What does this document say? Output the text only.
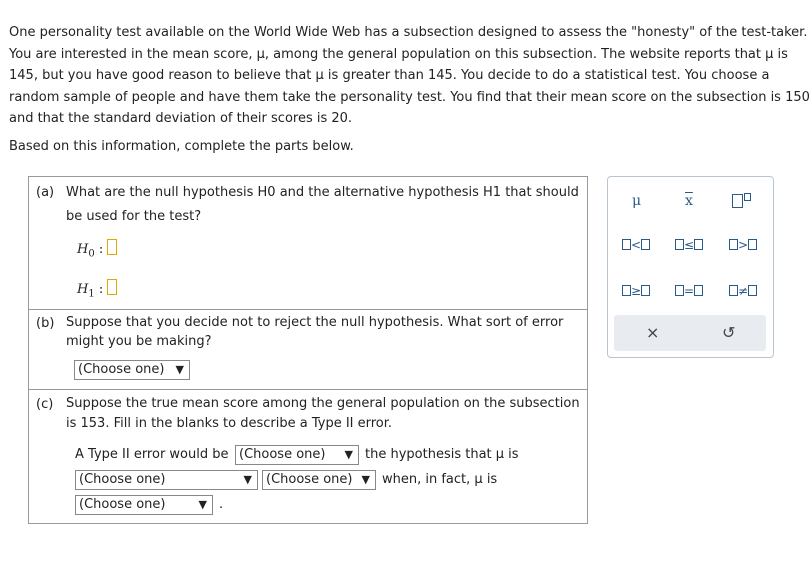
One personality test available on the World Wide Web has a subsection designed to assess the "honesty" of the test-taker.

You are interested in the mean score, μ, among the general population on this subsection. The website reports that μ is

145, but you have good reason to believe that μ is greater than 145. You decide to do a statistical test. You choose a

random sample of people and have them take the personality test. You find that their mean score on the subsection is 150

and that the standard deviation of their scores is 20.

Based on this information, complete the parts below.
(a) What are the null hypothesis H0 and the alternative hypothesis H1 that should
be used for the test?
$H_0$ :
$H_1$ :
(b) Suppose that you decide not to reject the null hypothesis. What sort of error might you be making?
(Choose one) ▼
(c) Suppose the true mean score among the general population on the subsection is 153. Fill in the blanks to describe a Type II error.
A Type II error would be (Choose one) ▼ the hypothesis that μ is
(Choose one)	▼	(Choose one) ▼ when, in fact, μ is
(Choose one)	▼ .
μ	$\overline{x}$
<	≤	>
≥	=	≠
×	↺
